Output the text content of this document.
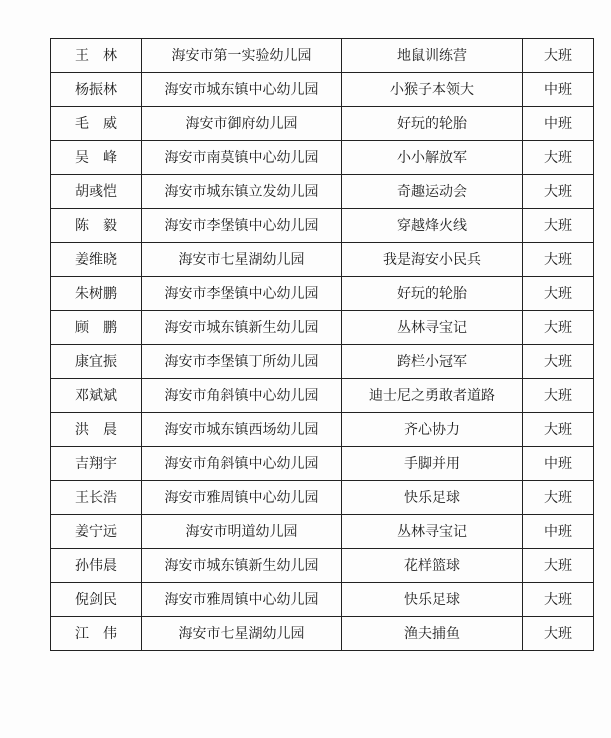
王　林	海安市第一实验幼儿园	地鼠训练营	大班
杨振林	海安市城东镇中心幼儿园	小猴子本领大	中班
毛　威	海安市御府幼儿园	好玩的轮胎	中班
吴　峰	海安市南莫镇中心幼儿园	小小解放军	大班
胡彧恺	海安市城东镇立发幼儿园	奇趣运动会	大班
陈　毅	海安市李堡镇中心幼儿园	穿越烽火线	大班
姜维晓	海安市七星湖幼儿园	我是海安小民兵	大班
朱树鹏	海安市李堡镇中心幼儿园	好玩的轮胎	大班
顾　鹏	海安市城东镇新生幼儿园	丛林寻宝记	大班
康宜振	海安市李堡镇丁所幼儿园	跨栏小冠军	大班
邓斌斌	海安市角斜镇中心幼儿园	迪士尼之勇敢者道路	大班
洪　晨	海安市城东镇西场幼儿园	齐心协力	大班
吉翔宇	海安市角斜镇中心幼儿园	手脚并用	中班
王长浩	海安市雅周镇中心幼儿园	快乐足球	大班
姜宁远	海安市明道幼儿园	丛林寻宝记	中班
孙伟晨	海安市城东镇新生幼儿园	花样篮球	大班
倪剑民	海安市雅周镇中心幼儿园	快乐足球	大班
江　伟	海安市七星湖幼儿园	渔夫捕鱼	大班
